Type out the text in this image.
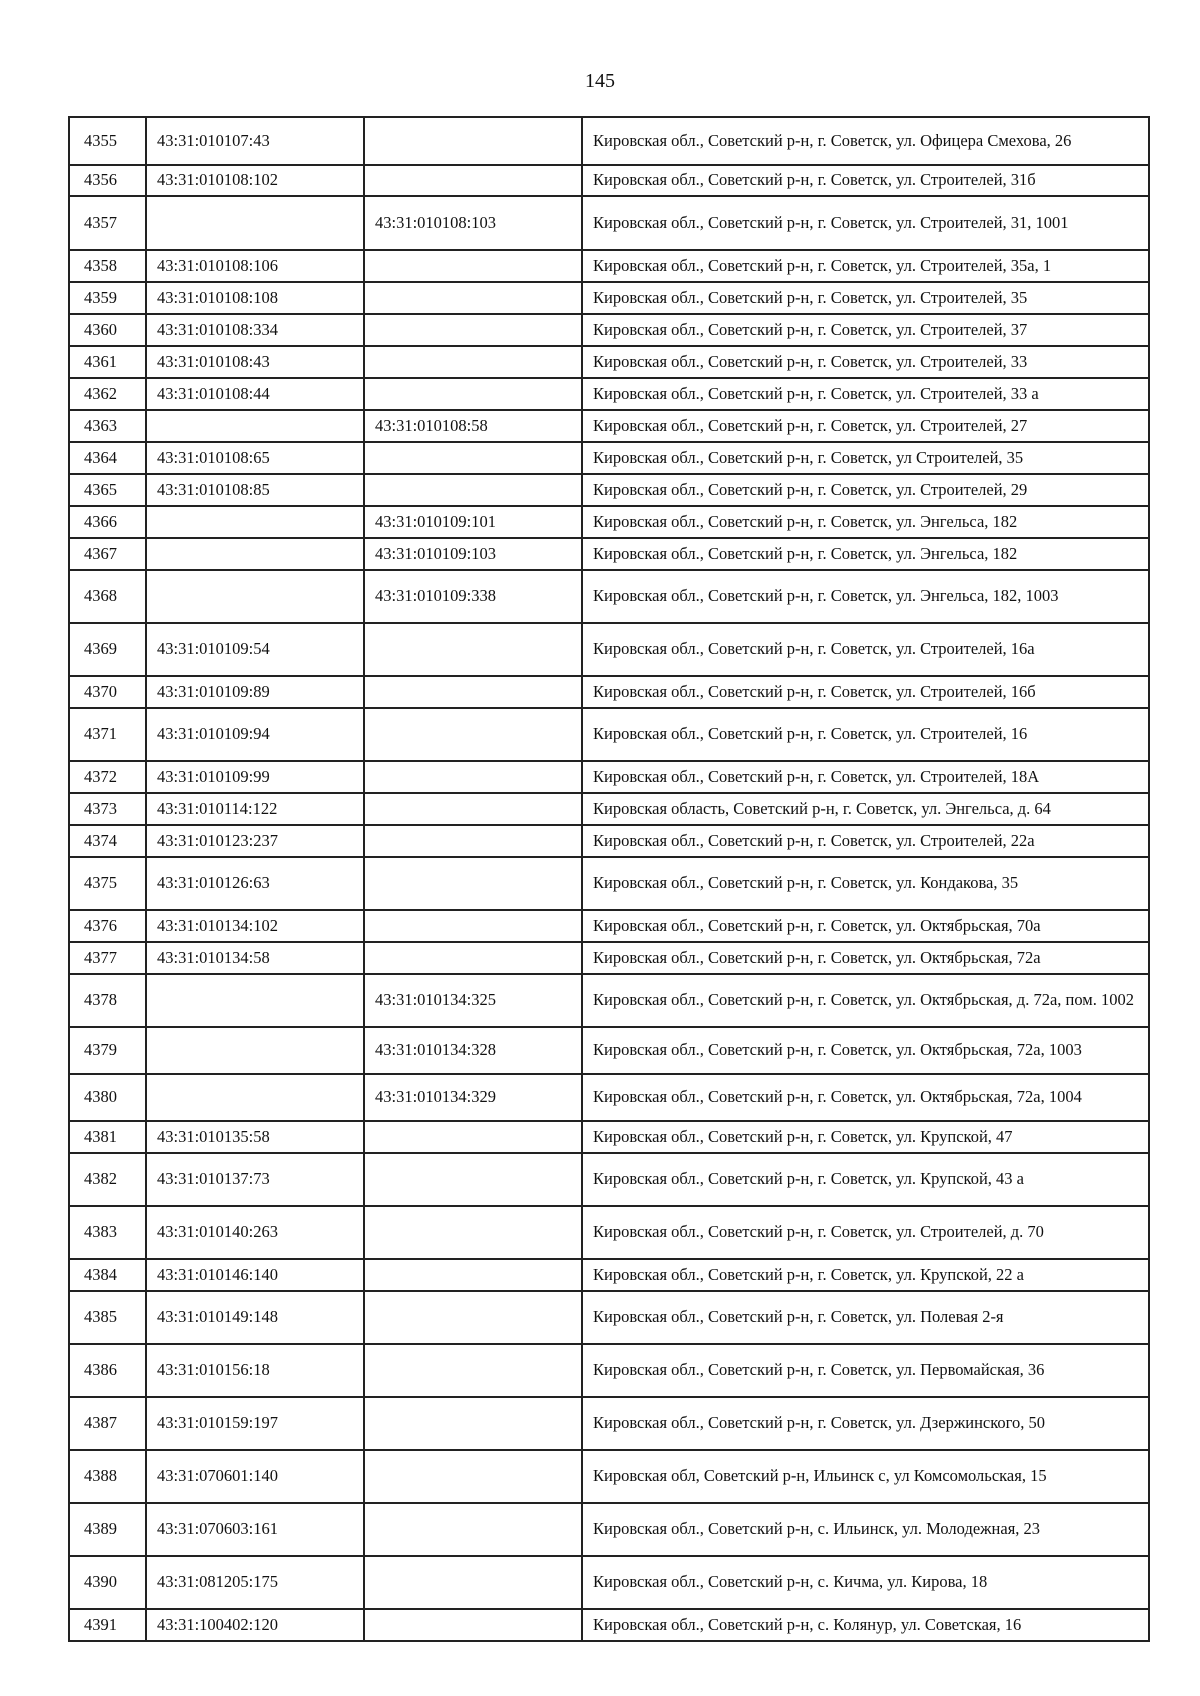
145
4355	43:31:010107:43		Кировская обл., Советский р-н, г. Советск, ул. Офицера Смехова, 26
4356	43:31:010108:102		Кировская обл., Советский р-н, г. Советск, ул. Строителей, 31б
4357		43:31:010108:103	Кировская обл., Советский р-н, г. Советск, ул. Строителей, 31, 1001
4358	43:31:010108:106		Кировская обл., Советский р-н, г. Советск, ул. Строителей, 35а, 1
4359	43:31:010108:108		Кировская обл., Советский р-н, г. Советск, ул. Строителей, 35
4360	43:31:010108:334		Кировская обл., Советский р-н, г. Советск, ул. Строителей, 37
4361	43:31:010108:43		Кировская обл., Советский р-н, г. Советск, ул. Строителей, 33
4362	43:31:010108:44		Кировская обл., Советский р-н, г. Советск, ул. Строителей, 33 а
4363		43:31:010108:58	Кировская обл., Советский р-н, г. Советск, ул. Строителей, 27
4364	43:31:010108:65		Кировская обл., Советский р-н, г. Советск, ул Строителей, 35
4365	43:31:010108:85		Кировская обл., Советский р-н, г. Советск, ул. Строителей, 29
4366		43:31:010109:101	Кировская обл., Советский р-н, г. Советск, ул. Энгельса, 182
4367		43:31:010109:103	Кировская обл., Советский р-н, г. Советск, ул. Энгельса, 182
4368		43:31:010109:338	Кировская обл., Советский р-н, г. Советск, ул. Энгельса, 182, 1003
4369	43:31:010109:54		Кировская обл., Советский р-н, г. Советск, ул. Строителей, 16а
4370	43:31:010109:89		Кировская обл., Советский р-н, г. Советск, ул. Строителей, 16б
4371	43:31:010109:94		Кировская обл., Советский р-н, г. Советск, ул. Строителей, 16
4372	43:31:010109:99		Кировская обл., Советский р-н, г. Советск, ул. Строителей, 18А
4373	43:31:010114:122		Кировская область, Советский р-н, г. Советск, ул. Энгельса, д. 64
4374	43:31:010123:237		Кировская обл., Советский р-н, г. Советск, ул. Строителей, 22а
4375	43:31:010126:63		Кировская обл., Советский р-н, г. Советск, ул. Кондакова, 35
4376	43:31:010134:102		Кировская обл., Советский р-н, г. Советск, ул. Октябрьская, 70а
4377	43:31:010134:58		Кировская обл., Советский р-н, г. Советск, ул. Октябрьская, 72а
4378		43:31:010134:325	Кировская обл., Советский р-н, г. Советск, ул. Октябрьская, д. 72а, пом. 1002
4379		43:31:010134:328	Кировская обл., Советский р-н, г. Советск, ул. Октябрьская, 72а, 1003
4380		43:31:010134:329	Кировская обл., Советский р-н, г. Советск, ул. Октябрьская, 72а, 1004
4381	43:31:010135:58		Кировская обл., Советский р-н, г. Советск, ул. Крупской, 47
4382	43:31:010137:73		Кировская обл., Советский р-н, г. Советск, ул. Крупской, 43 а
4383	43:31:010140:263		Кировская обл., Советский р-н, г. Советск, ул. Строителей, д. 70
4384	43:31:010146:140		Кировская обл., Советский р-н, г. Советск, ул. Крупской, 22 а
4385	43:31:010149:148		Кировская обл., Советский р-н, г. Советск, ул. Полевая 2-я
4386	43:31:010156:18		Кировская обл., Советский р-н, г. Советск, ул. Первомайская, 36
4387	43:31:010159:197		Кировская обл., Советский р-н, г. Советск, ул. Дзержинского, 50
4388	43:31:070601:140		Кировская обл, Советский р-н, Ильинск с, ул Комсомольская, 15
4389	43:31:070603:161		Кировская обл., Советский р-н, с. Ильинск, ул. Молодежная, 23
4390	43:31:081205:175		Кировская обл., Советский р-н, с. Кичма, ул. Кирова, 18
4391	43:31:100402:120		Кировская обл., Советский р-н, с. Колянур, ул. Советская, 16
